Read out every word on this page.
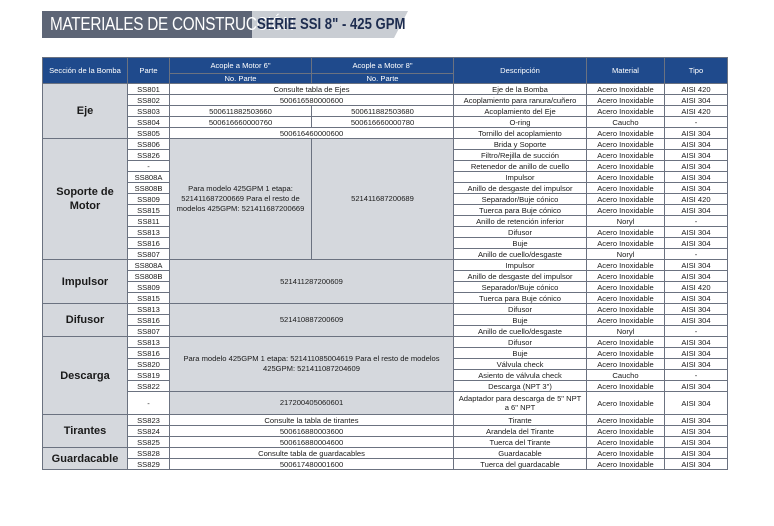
MATERIALES DE CONSTRUCCIÓN
SERIE SSI 8" - 425 GPM
Sección de la Bomba	Parte	Acople a Motor 6"	Acople a Motor 8"	Descripción	Material	Tipo
		No. Parte	No. Parte			
Eje	SS801	Consulte tabla de Ejes		Eje de la Bomba	Acero Inoxidable	AISI 420
	SS802	500616580000600		Acoplamiento para ranura/cuñero	Acero Inoxidable	AISI 304
	SS803	500611882503660	500611882503680	Acoplamiento del Eje	Acero Inoxidable	AISI 420
	SS804	500616660000760	500616660000780	O-ring	Caucho	-
	SS805	500616460000600		Tornillo del acoplamiento	Acero Inoxidable	AISI 304
Soporte de Motor	SS806	Para modelo 425GPM 1 etapa: 521411687200669 Para el resto de modelos 425GPM: 521411687200669	521411687200689	Brida y Soporte	Acero Inoxidable	AISI 304
	SS826			Filtro/Rejilla de succión	Acero Inoxidable	AISI 304
	-			Retenedor de anillo de cuello	Acero Inoxidable	AISI 304
	SS808A			Impulsor	Acero Inoxidable	AISI 304
	SS808B			Anillo de desgaste del impulsor	Acero Inoxidable	AISI 304
	SS809			Separador/Buje cónico	Acero Inoxidable	AISI 420
	SS815			Tuerca para Buje cónico	Acero Inoxidable	AISI 304
	SS811			Anillo de retención inferior	Noryl	-
	SS813			Difusor	Acero Inoxidable	AISI 304
	SS816			Buje	Acero Inoxidable	AISI 304
	SS807			Anillo de cuello/desgaste	Noryl	-
Impulsor	SS808A	521411287200609		Impulsor	Acero Inoxidable	AISI 304
	SS808B			Anillo de desgaste del impulsor	Acero Inoxidable	AISI 304
	SS809			Separador/Buje cónico	Acero Inoxidable	AISI 420
	SS815			Tuerca para Buje cónico	Acero Inoxidable	AISI 304
Difusor	SS813	521410887200609		Difusor	Acero Inoxidable	AISI 304
	SS816			Buje	Acero Inoxidable	AISI 304
	SS807			Anillo de cuello/desgaste	Noryl	-
Descarga	SS813	Para modelo 425GPM 1 etapa: 521411085004619 Para el resto de modelos 425GPM: 521411087204609		Difusor	Acero Inoxidable	AISI 304
	SS816			Buje	Acero Inoxidable	AISI 304
	SS820			Válvula check	Acero Inoxidable	AISI 304
	SS819			Asiento de válvula check	Caucho	-
	SS822			Descarga (NPT 3")	Acero Inoxidable	AISI 304
	-	217200405060601		Adaptador para descarga de 5" NPT a 6" NPT	Acero Inoxidable	AISI 304
Tirantes	SS823	Consulte la tabla de tirantes		Tirante	Acero Inoxidable	AISI 304
	SS824	500616880003600		Arandela del Tirante	Acero Inoxidable	AISI 304
	SS825	500616880004600		Tuerca del Tirante	Acero Inoxidable	AISI 304
Guardacable	SS828	Consulte tabla de guardacables		Guardacable	Acero Inoxidable	AISI 304
	SS829	500617480001600		Tuerca del guardacable	Acero Inoxidable	AISI 304
